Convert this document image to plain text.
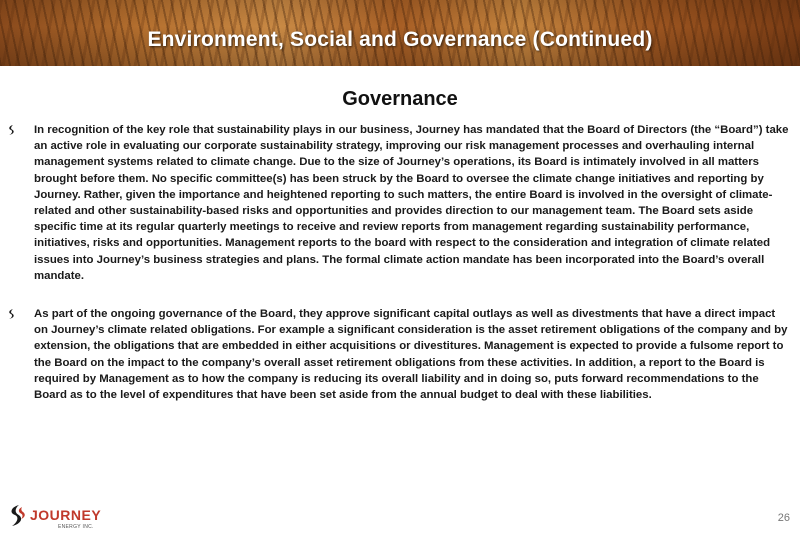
Environment, Social and Governance (Continued)
Governance

In recognition of the key role that sustainability plays in our business, Journey has mandated that the Board of Directors (the “Board”) take an active role in evaluating our corporate sustainability strategy, improving our risk management processes and overhauling internal management systems related to climate change. Due to the size of Journey’s operations, its Board is intimately involved in all matters brought before them. No specific committee(s) has been struck by the Board to oversee the climate change initiatives and reporting by Journey. Rather, given the importance and heightened reporting to such matters, the entire Board is involved in the oversight of climate-related and other sustainability-based risks and opportunities and provides direction to our management team. The Board sets aside specific time at its regular quarterly meetings to receive and review reports from management regarding sustainability performance, initiatives, risks and opportunities. Management reports to the board with respect to the consideration and integration of climate related issues into Journey’s business strategies and plans. The formal climate action mandate has been incorporated into the Board’s overall mandate.

As part of the ongoing governance of the Board, they approve significant capital outlays as well as divestments that have a direct impact on Journey’s climate related obligations. For example a significant consideration is the asset retirement obligations of the company and by extension, the obligations that are embedded in either acquisitions or divestitures. Management is expected to provide a fulsome report to the Board on the impact to the company’s overall asset retirement obligations from these activities. In addition, a report to the Board is required by Management as to how the company is reducing its overall liability and in doing so, puts forward recommendations to the Board as to the level of expenditures that have been set aside from the annual budget to deal with these liabilities.

JOURNEY
ENERGY INC.
26
